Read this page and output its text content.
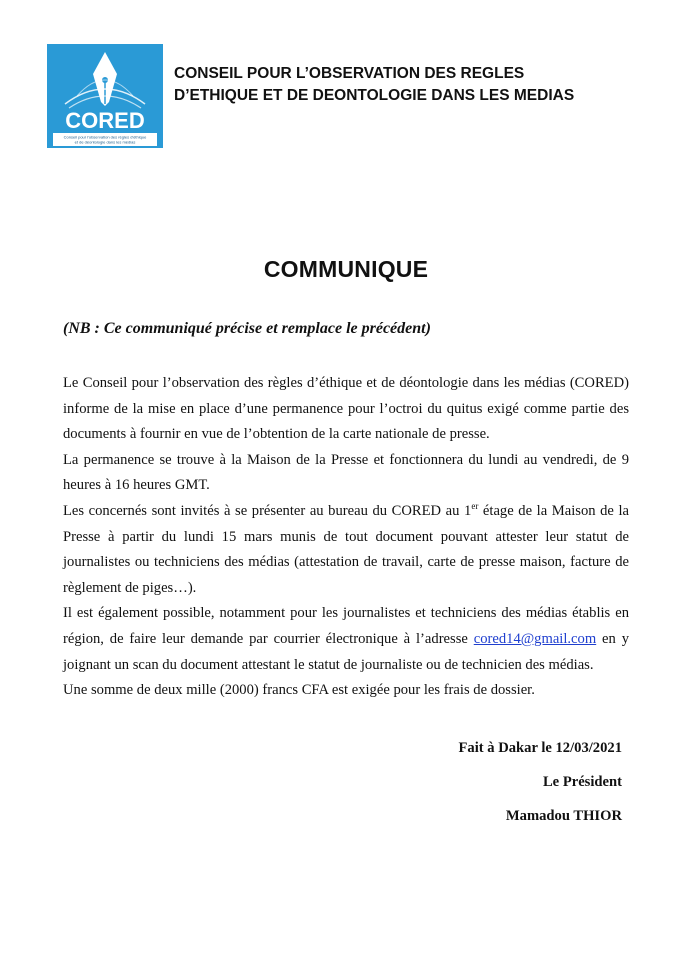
CORED
Conseil pour l'observation des règles d'éthique
et de déontologie dans les médias
CONSEIL POUR L’OBSERVATION DES REGLES
D’ETHIQUE ET DE DEONTOLOGIE DANS LES MEDIAS
COMMUNIQUE
(NB : Ce communiqué précise et remplace le précédent)

Le Conseil pour l’observation des règles d’éthique et de déontologie dans les médias (CORED) informe de la mise en place d’une permanence pour l’octroi du quitus exigé comme partie des documents à fournir en vue de l’obtention de la carte nationale de presse.

La permanence se trouve à la Maison de la Presse et fonctionnera du lundi au vendredi, de 9 heures à 16 heures GMT.

Les concernés sont invités à se présenter au bureau du CORED au 1er étage de la Maison de la Presse à partir du lundi 15 mars munis de tout document pouvant attester leur statut de journalistes ou techniciens des médias (attestation de travail, carte de presse maison, facture de règlement de piges…).

Il est également possible, notamment pour les journalistes et techniciens des médias établis en région, de faire leur demande par courrier électronique à l’adresse cored14@gmail.com en y joignant un scan du document attestant le statut de journaliste ou de technicien des médias.

Une somme de deux mille (2000) francs CFA est exigée pour les frais de dossier.

Fait à Dakar le 12/03/2021
Le Président
Mamadou THIOR
